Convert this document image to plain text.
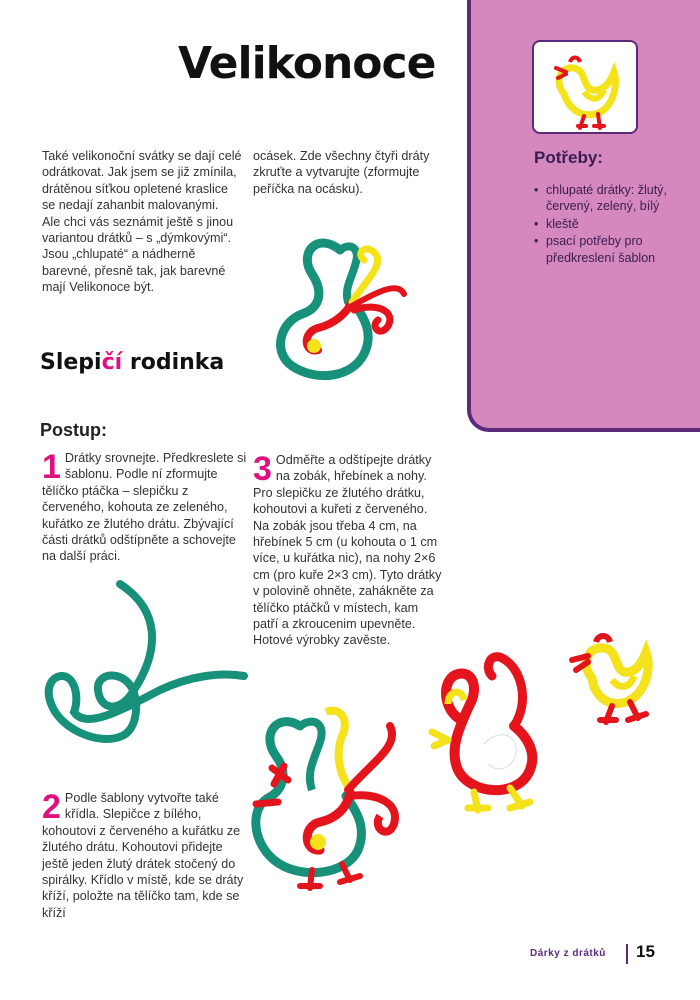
Potřeby:
• chlupaté drátky: žlutý, červený, zelený, bílý
• kleště
• psací potřeby pro předkreslení šablon
Velikonoce
Také velikonoční svátky se dají celé odrátkovat. Jak jsem se již zmínila, drátěnou síťkou opletené kraslice se nedají zahanbit malovanými.
Ale chci vás seznámit ještě s jinou variantou drátků – s „dýmkovými“. Jsou „chlupaté“ a nádherně barevné, přesně tak, jak barevné mají Velikonoce být.
ocásek. Zde všechny čtyři dráty zkruťte a vytvarujte (zformujte peříčka na ocásku).
Slepičí rodinka
Postup:
1 Drátky srovnejte. Předkreslete si šablonu. Podle ní zformujte tělíčko ptáčka – slepičku z červeného, kohouta ze zeleného, kuřátko ze žlutého drátu. Zbývající části drátků odštípněte a schovejte na další práci.
2 Podle šablony vytvořte také křídla. Slepičce z bílého, kohoutovi z červeného a kuřátku ze žlutého drátu. Kohoutovi přidejte ještě jeden žlutý drátek stočený do spirálky. Křídlo v místě, kde se dráty kříží, položte na tělíčko tam, kde se kříží
3 Odměřte a odštípejte drátky na zobák, hřebínek a nohy. Pro slepičku ze žlutého drátku, kohoutovi a kuřeti z červeného. Na zobák jsou třeba 4 cm, na hřebínek 5 cm (u kohouta o 1 cm více, u kuřátka nic), na nohy 2×6 cm (pro kuře 2×3 cm). Tyto drátky v polovině ohněte, zahákněte za tělíčko ptáčků v místech, kam patří a zkroucenim upevněte. Hotové výrobky zavěste.
Dárky z drátků 15
